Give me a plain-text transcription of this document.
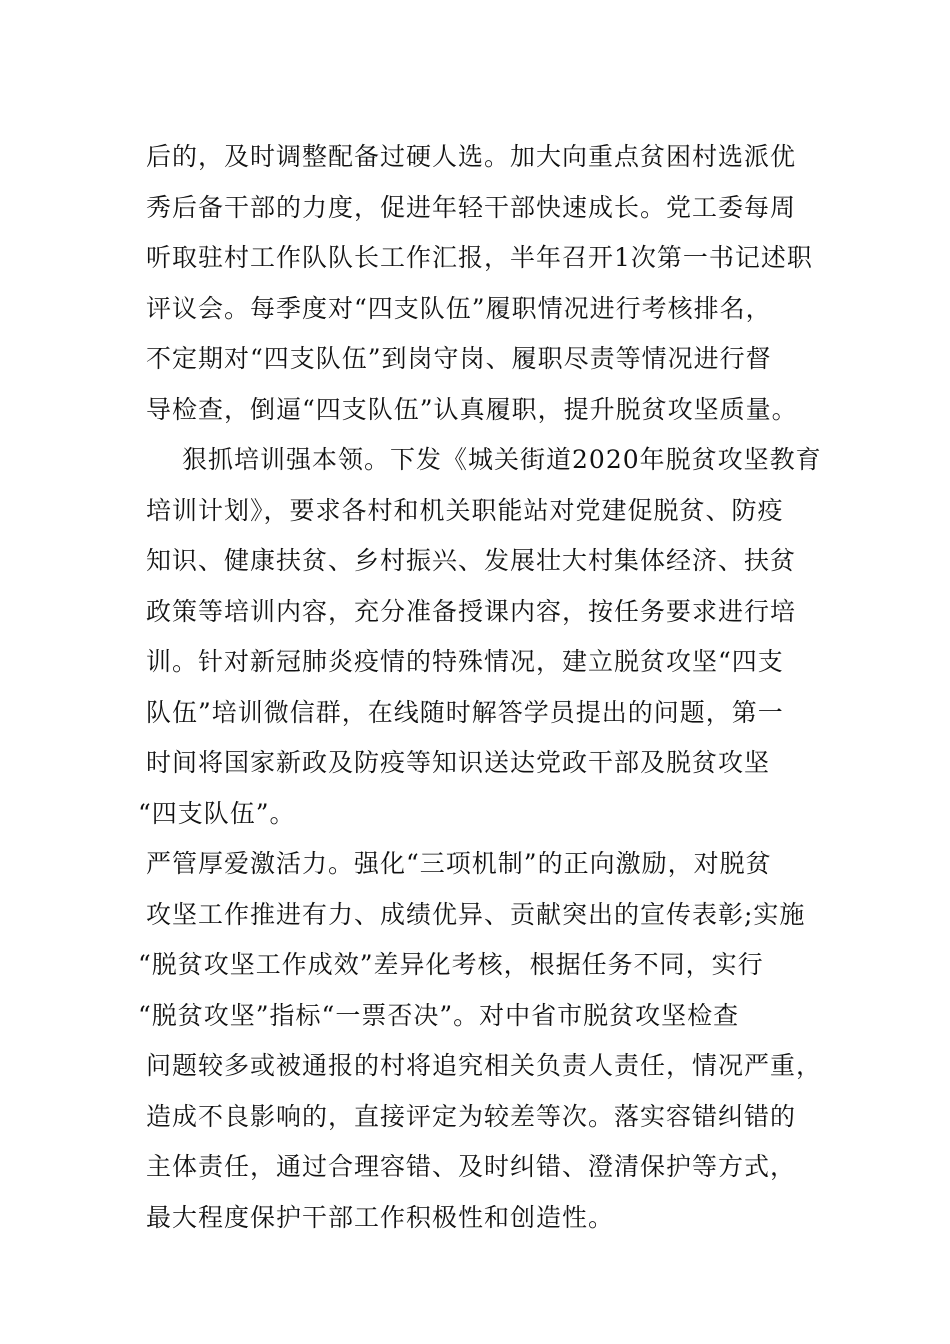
后的，及时调整配备过硬人选。加大向重点贫困村选派优
秀后备干部的力度，促进年轻干部快速成长。党工委每周
听取驻村工作队队长工作汇报，半年召开1次第一书记述职
评议会。每季度对“四支队伍”履职情况进行考核排名，
不定期对“四支队伍”到岗守岗、履职尽责等情况进行督
导检查，倒逼“四支队伍”认真履职，提升脱贫攻坚质量。
狠抓培训强本领。下发《城关街道2020年脱贫攻坚教育
培训计划》，要求各村和机关职能站对党建促脱贫、防疫
知识、健康扶贫、乡村振兴、发展壮大村集体经济、扶贫
政策等培训内容，充分准备授课内容，按任务要求进行培
训。针对新冠肺炎疫情的特殊情况，建立脱贫攻坚“四支
队伍”培训微信群，在线随时解答学员提出的问题，第一
时间将国家新政及防疫等知识送达党政干部及脱贫攻坚
“四支队伍”。
严管厚爱激活力。强化“三项机制”的正向激励，对脱贫
攻坚工作推进有力、成绩优异、贡献突出的宣传表彰;实施
“脱贫攻坚工作成效”差异化考核，根据任务不同，实行
“脱贫攻坚”指标“一票否决”。对中省市脱贫攻坚检查
问题较多或被通报的村将追究相关负责人责任，情况严重，
造成不良影响的，直接评定为较差等次。落实容错纠错的
主体责任，通过合理容错、及时纠错、澄清保护等方式，
最大程度保护干部工作积极性和创造性。
